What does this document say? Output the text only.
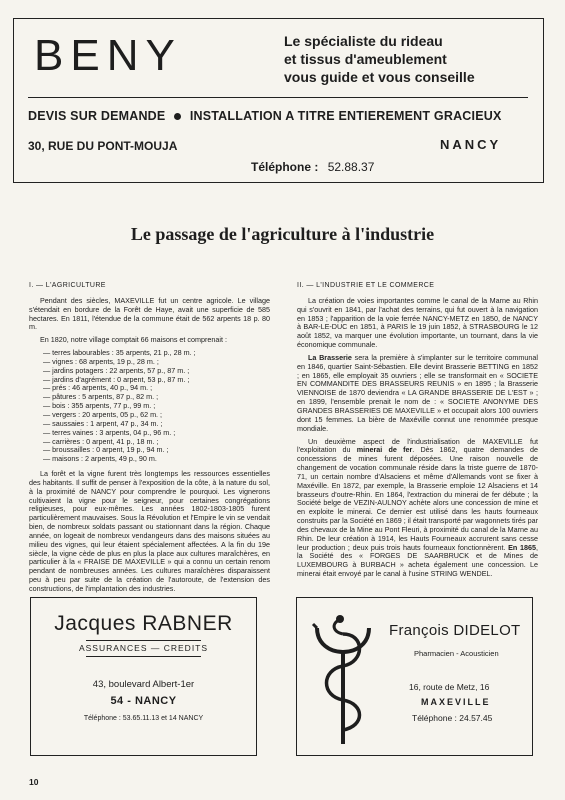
BENY	Le spécialiste du rideau
et tissus d'ameublement
vous guide et vous conseille
DEVIS SUR DEMANDE INSTALLATION A TITRE ENTIEREMENT GRACIEUX
30, RUE DU PONT-MOUJA	NANCY
Téléphone : 52.88.37
Le passage de l'agriculture à l'industrie
I. — L'AGRICULTURE

Pendant des siècles, MAXEVILLE fut un centre agricole. Le village s'étendait en bordure de la Forêt de Haye, avait une superficie de 585 hectares. En 1811, l'étendue de la commune était de 562 arpents 18 p. 80 m.

En 1820, notre village comptait 66 maisons et comprenait :

— terres labourables : 35 arpents, 21 p., 28 m. ;
— vignes : 68 arpents, 19 p., 28 m. ;
— jardins potagers : 22 arpents, 57 p., 87 m. ;
— jardins d'agrément : 0 arpent, 53 p., 87 m. ;
— prés : 46 arpents, 40 p., 94 m. ;
— pâtures : 5 arpents, 87 p., 82 m. ;
— bois : 355 arpents, 77 p., 99 m. ;
— vergers : 20 arpents, 05 p., 62 m. ;
— saussaies : 1 arpent, 47 p., 34 m. ;
— terres vaines : 3 arpents, 04 p., 96 m. ;
— carrières : 0 arpent, 41 p., 18 m. ;
— broussailles : 0 arpent, 19 p., 94 m. ;
— maisons : 2 arpents, 49 p., 90 m.

La forêt et la vigne furent très longtemps les ressources essentielles des habitants. Il suffit de penser à l'exposition de la côte, à la nature du sol, à la proximité de NANCY pour comprendre le pourquoi. Les vignerons cultivaient la vigne pour le seigneur, pour certaines congrégations religieuses, pour eux-mêmes. Les années 1802-1803-1805 furent particulièrement mauvaises. Sous la Révolution et l'Empire le vin se vendait bien, de nombreux soldats passant ou stationnant dans la région. Chaque année, on logeait de nombreux vendangeurs dans des maisons situées au milieu des vignes, qui leur étaient spécialement affectées. A la fin du 19e siècle, la vigne cède de plus en plus la place aux cultures maraîchères, en particulier à la « FRAISE DE MAXEVILLE » qui a connu un certain renom pendant de nombreuses années. Les cultures maraîchères disparaissent peu à peu par suite de la création de l'autoroute, de l'extension des constructions, de l'implantation des industries.

II. — L'INDUSTRIE ET LE COMMERCE

La création de voies importantes comme le canal de la Marne au Rhin qui s'ouvrit en 1841, par l'achat des terrains, qui fut ouvert à la navigation en 1853 ; l'apparition de la voie ferrée NANCY-METZ en 1850, de NANCY à BAR-LE-DUC en 1851, à PARIS le 19 juin 1852, à STRASBOURG le 12 août 1852, va marquer une évolution importante, un tournant, dans la vie économique communale.

La Brasserie sera la première à s'implanter sur le territoire communal en 1846, quartier Saint-Sébastien. Elle devint Brasserie BETTING en 1852 ; en 1865, elle employait 35 ouvriers ; elle se transformait en « SOCIETE EN COMMANDITE DES BRASSEURS REUNIS » en 1895 ; la Brasserie VIENNOISE de 1870 deviendra « LA GRANDE BRASSERIE DE L'EST » ; en 1899, l'ensemble prenait le nom de : « SOCIETE ANONYME DES GRANDES BRASSERIES DE MAXEVILLE » et occupait alors 100 ouvriers dont 15 femmes. La bière de Maxéville connut une renommée presque mondiale.

Un deuxième aspect de l'industrialisation de MAXEVILLE fut l'exploitation du minerai de fer. Dès 1862, quatre demandes de concessions de mines furent déposées. Une raison nouvelle de changement de vocation communale réside dans la triste guerre de 1870-71, un certain nombre d'Alsaciens et même d'Allemands vont se fixer à Maxéville. En 1872, par exemple, la Brasserie emploie 12 Alsaciens et 14 brasseurs d'outre-Rhin. En 1864, l'extraction du minerai de fer débute ; la Société belge de VEZIN-AULNOY achète alors une concession de mine et en exploite le minerai. Ce dernier est utilisé dans les hauts fourneaux construits par la Société en 1869 ; il était transporté par wagonnets tirés par des chevaux de la Mine au Pont Fleuri, à proximité du canal de la Marne au Rhin. De leur création à 1914, les Hauts Fourneaux accrurent sans cesse leur production ; deux puis trois hauts fourneaux fonctionnèrent. En 1865, la Société des « FORGES DE SAARBRUCK et de Mines de LUXEMBOURG à BURBACH » acheta également une concession. Le minerai était envoyé par le canal à l'usine STRING WENDEL.

Jacques RABNER
ASSURANCES — CREDITS
43, boulevard Albert-1er
54 - NANCY
Téléphone : 53.65.11.13 et 14 NANCY
François DIDELOT
Pharmacien - Acousticien
16, route de Metz, 16
MAXEVILLE
Téléphone : 24.57.45
10
